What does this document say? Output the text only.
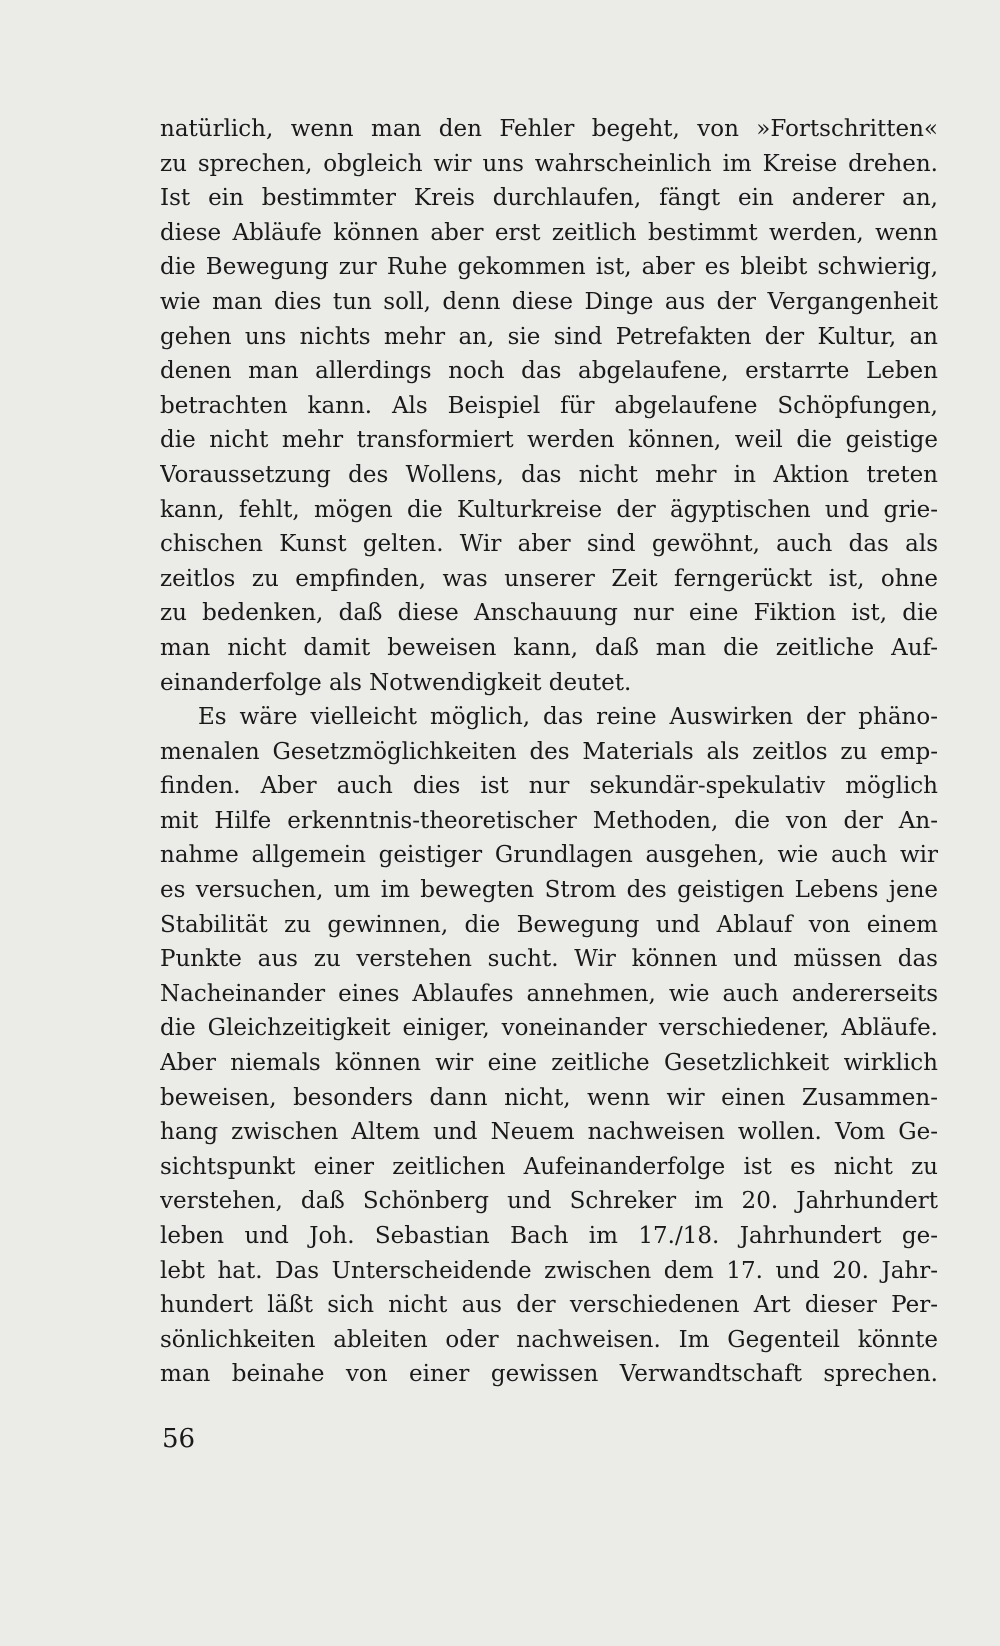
natürlich, wenn man den Fehler begeht, von »Fortschritten«
zu sprechen, obgleich wir uns wahrscheinlich im Kreise drehen.
Ist ein bestimmter Kreis durchlaufen, fängt ein anderer an,
diese Abläufe können aber erst zeitlich bestimmt werden, wenn
die Bewegung zur Ruhe gekommen ist, aber es bleibt schwierig,
wie man dies tun soll, denn diese Dinge aus der Vergangenheit
gehen uns nichts mehr an, sie sind Petrefakten der Kultur, an
denen man allerdings noch das abgelaufene, erstarrte Leben
betrachten kann. Als Beispiel für abgelaufene Schöpfungen,
die nicht mehr transformiert werden können, weil die geistige
Voraussetzung des Wollens, das nicht mehr in Aktion treten
kann, fehlt, mögen die Kulturkreise der ägyptischen und grie-
chischen Kunst gelten. Wir aber sind gewöhnt, auch das als
zeitlos zu empfinden, was unserer Zeit ferngerückt ist, ohne
zu bedenken, daß diese Anschauung nur eine Fiktion ist, die
man nicht damit beweisen kann, daß man die zeitliche Auf-
einanderfolge als Notwendigkeit deutet.
Es wäre vielleicht möglich, das reine Auswirken der phäno-
menalen Gesetzmöglichkeiten des Materials als zeitlos zu emp-
finden. Aber auch dies ist nur sekundär-spekulativ möglich
mit Hilfe erkenntnis-theoretischer Methoden, die von der An-
nahme allgemein geistiger Grundlagen ausgehen, wie auch wir
es versuchen, um im bewegten Strom des geistigen Lebens jene
Stabilität zu gewinnen, die Bewegung und Ablauf von einem
Punkte aus zu verstehen sucht. Wir können und müssen das
Nacheinander eines Ablaufes annehmen, wie auch andererseits
die Gleichzeitigkeit einiger, voneinander verschiedener, Abläufe.
Aber niemals können wir eine zeitliche Gesetzlichkeit wirklich
beweisen, besonders dann nicht, wenn wir einen Zusammen-
hang zwischen Altem und Neuem nachweisen wollen. Vom Ge-
sichtspunkt einer zeitlichen Aufeinanderfolge ist es nicht zu
verstehen, daß Schönberg und Schreker im 20. Jahrhundert
leben und Joh. Sebastian Bach im 17./18. Jahrhundert ge-
lebt hat. Das Unterscheidende zwischen dem 17. und 20. Jahr-
hundert läßt sich nicht aus der verschiedenen Art dieser Per-
sönlichkeiten ableiten oder nachweisen. Im Gegenteil könnte
man beinahe von einer gewissen Verwandtschaft sprechen.
56
